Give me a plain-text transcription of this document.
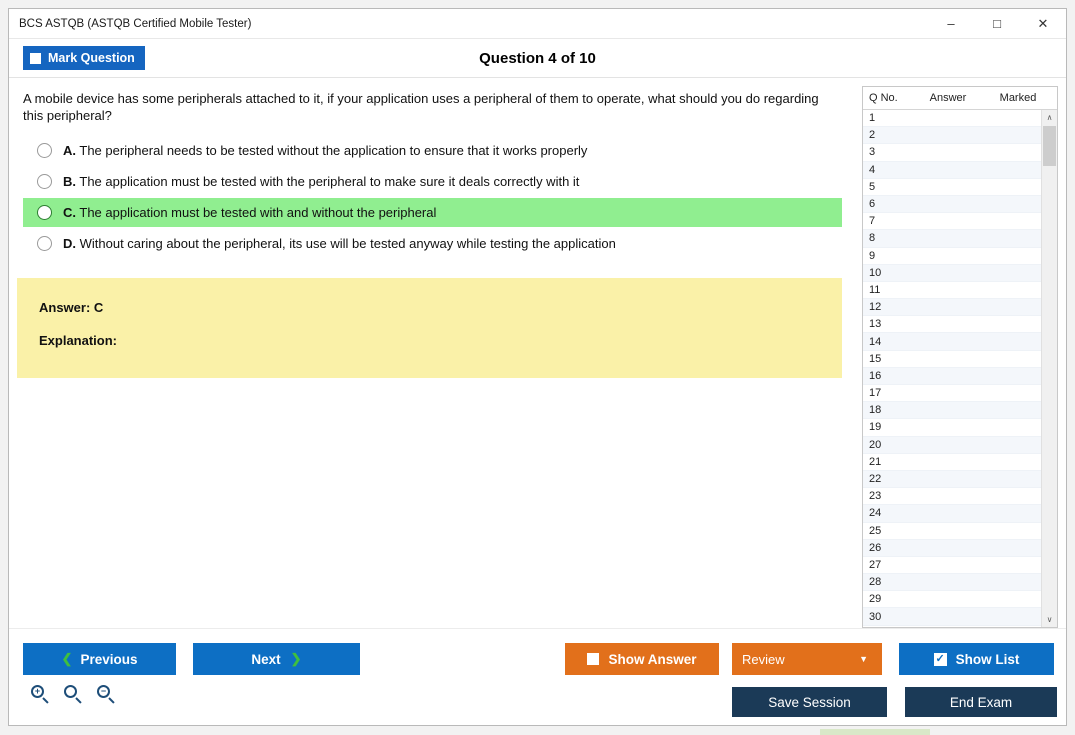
BCS ASTQB (ASTQB Certified Mobile Tester)	–	□	✕
Mark Question	Question 4 of 10
A mobile device has some peripherals attached to it, if your application uses a peripheral of them to operate, what should you do regarding this peripheral?
A. The peripheral needs to be tested without the application to ensure that it works properly
B. The application must be tested with the peripheral to make sure it deals correctly with it
C. The application must be tested with and without the peripheral
D. Without caring about the peripheral, its use will be tested anyway while testing the application
Answer: C
Explanation:
Q No.	Answer	Marked
1
2
3
4
5
6
7
8
9
10
11
12
13
14
15
16
17
18
19
20
21
22
23
24
25
26
27
28
29
30
∧
∨
❮ Previous	Next ❯	Show Answer	Review	▼	✓ Show List
Save Session	End Exam
+	−
